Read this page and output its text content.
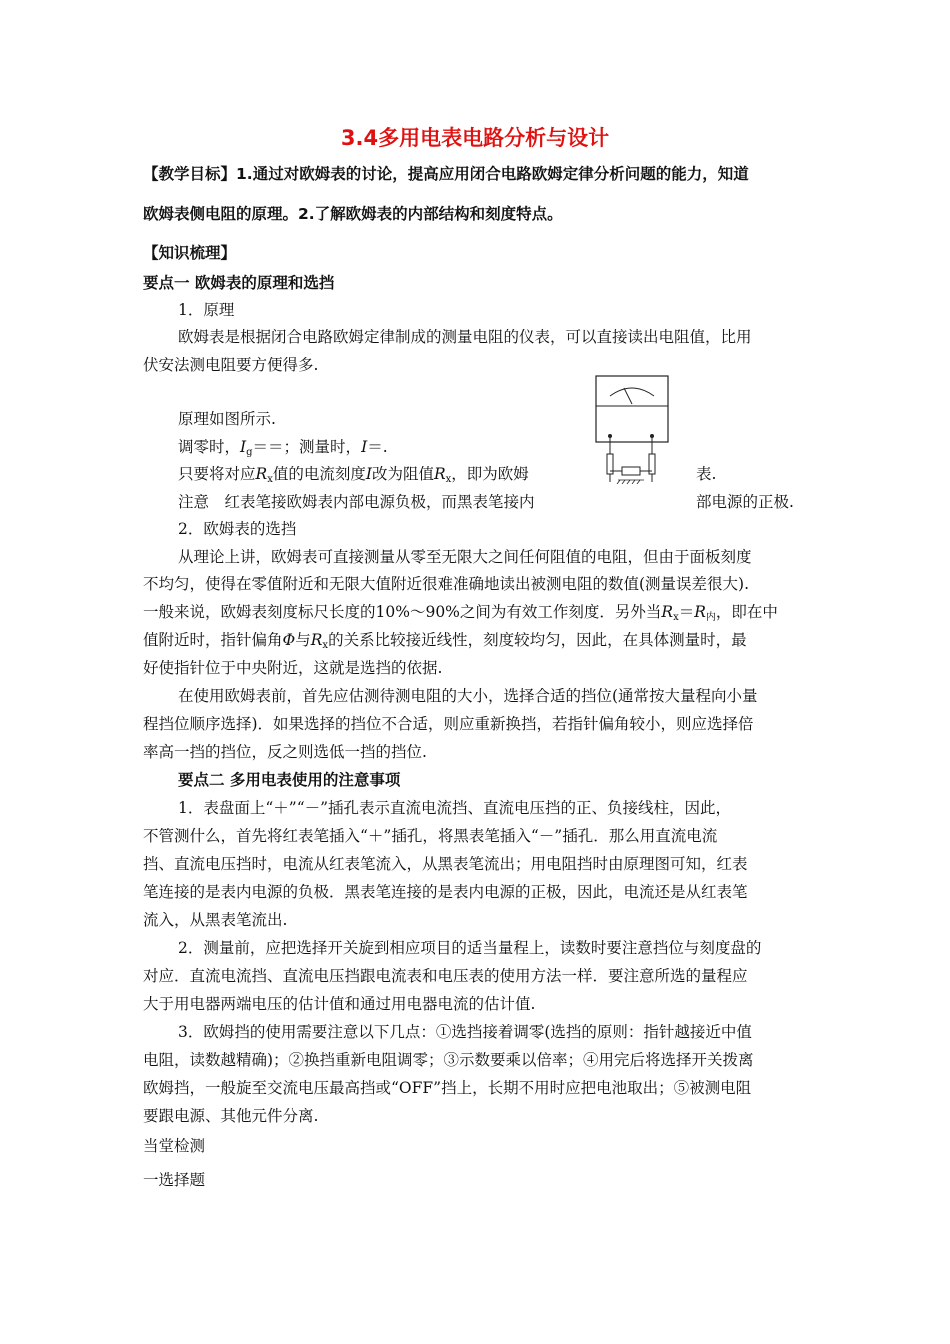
3.4多用电表电路分析与设计
【教学目标】1.通过对欧姆表的讨论，提高应用闭合电路欧姆定律分析问题的能力，知道
欧姆表侧电阻的原理。2.了解欧姆表的内部结构和刻度特点。
【知识梳理】
要点一 欧姆表的原理和选挡
1．原理
欧姆表是根据闭合电路欧姆定律制成的测量电阻的仪表，可以直接读出电阻值，比用
伏安法测电阻要方便得多.
原理如图所示.
调零时，$I_g==$；测量时，I＝.
只要将对应$R_x$值的电流刻度I改为阻值$R_x$，即为欧姆	表.
注意　红表笔接欧姆表内部电源负极，而黑表笔接内	部电源的正极.
2．欧姆表的选挡
从理论上讲，欧姆表可直接测量从零至无限大之间任何阻值的电阻，但由于面板刻度
不均匀，使得在零值附近和无限大值附近很难准确地读出被测电阻的数值(测量误差很大).
一般来说，欧姆表刻度标尺长度的10%～90%之间为有效工作刻度．另外当$R_x=R_内$，即在中
值附近时，指针偏角Φ与$R_x$的关系比较接近线性，刻度较均匀，因此，在具体测量时，最
好使指针位于中央附近，这就是选挡的依据.
在使用欧姆表前，首先应估测待测电阻的大小，选择合适的挡位(通常按大量程向小量
程挡位顺序选择)．如果选择的挡位不合适，则应重新换挡，若指针偏角较小，则应选择倍
率高一挡的挡位，反之则选低一挡的挡位.
要点二 多用电表使用的注意事项
1．表盘面上“＋”“－”插孔表示直流电流挡、直流电压挡的正、负接线柱，因此，
不管测什么，首先将红表笔插入“＋”插孔，将黑表笔插入“－”插孔．那么用直流电流
挡、直流电压挡时，电流从红表笔流入，从黑表笔流出；用电阻挡时由原理图可知，红表
笔连接的是表内电源的负极．黑表笔连接的是表内电源的正极，因此，电流还是从红表笔
流入，从黑表笔流出.
2．测量前，应把选择开关旋到相应项目的适当量程上，读数时要注意挡位与刻度盘的
对应．直流电流挡、直流电压挡跟电流表和电压表的使用方法一样．要注意所选的量程应
大于用电器两端电压的估计值和通过用电器电流的估计值.
3．欧姆挡的使用需要注意以下几点：①选挡接着调零(选挡的原则：指针越接近中值
电阻，读数越精确)；②换挡重新电阻调零；③示数要乘以倍率；④用完后将选择开关拨离
欧姆挡，一般旋至交流电压最高挡或“OFF”挡上，长期不用时应把电池取出；⑤被测电阻
要跟电源、其他元件分离.
当堂检测
一选择题
